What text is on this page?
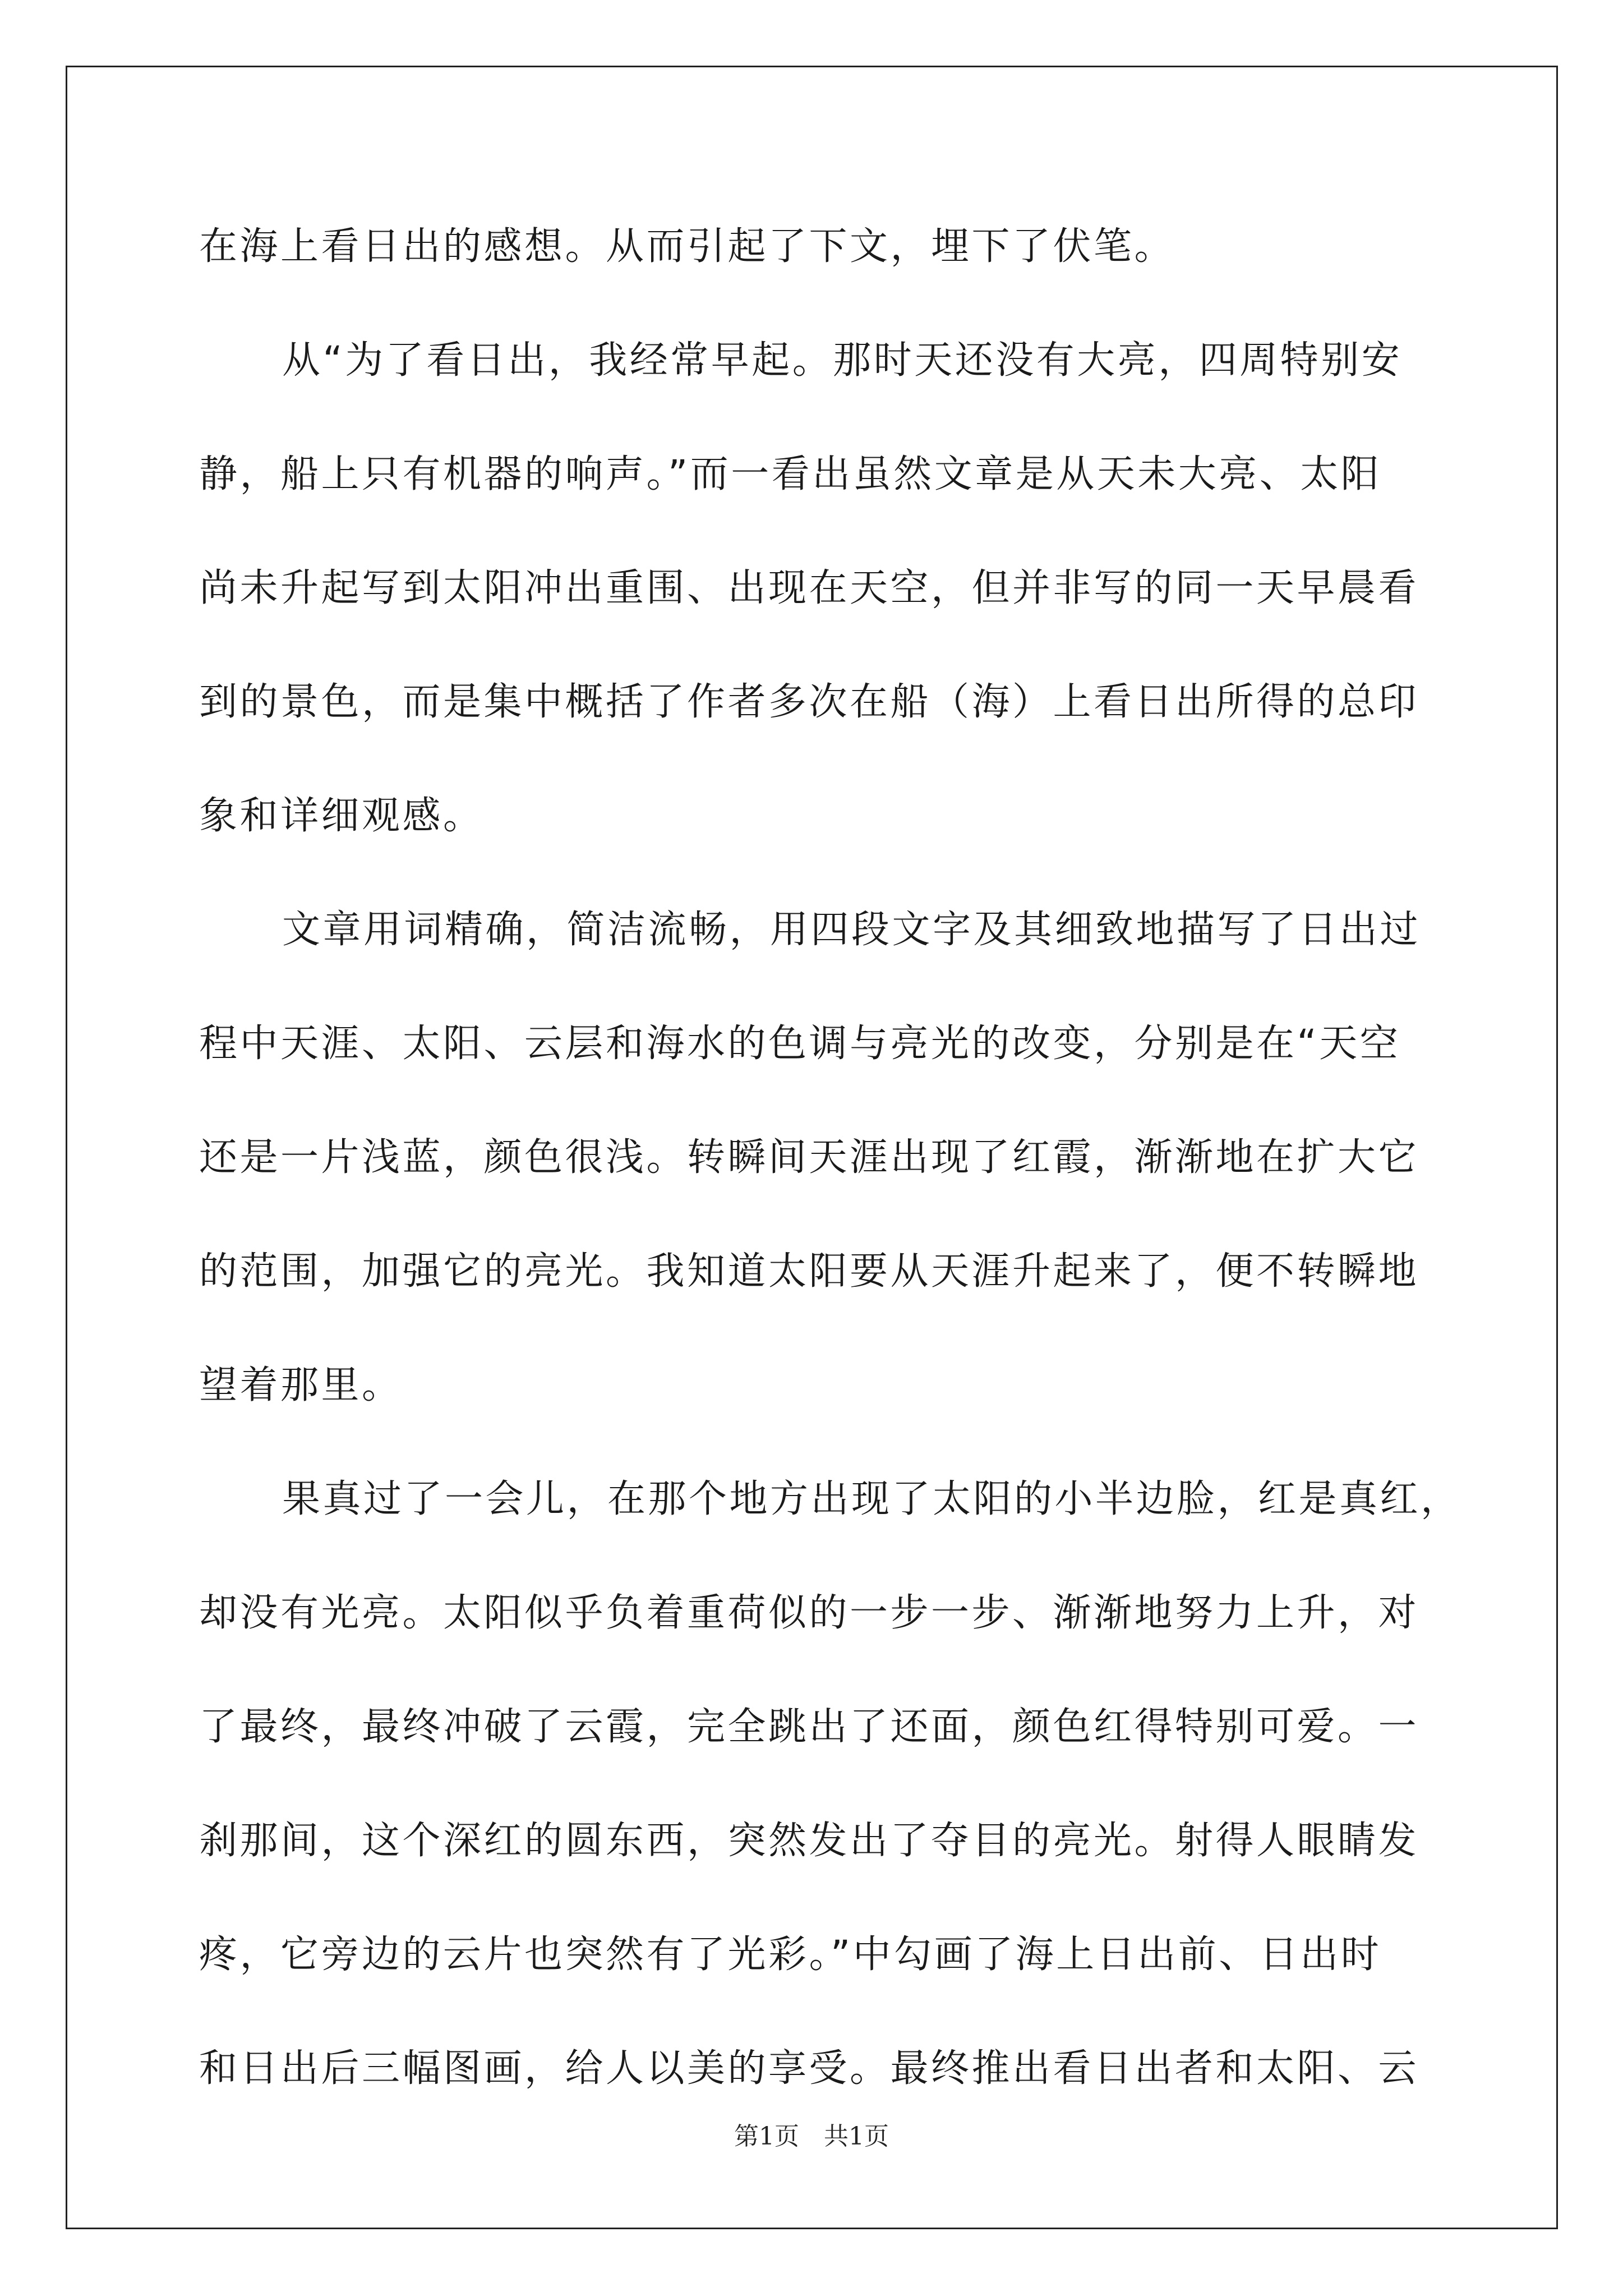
在海上看日出的感想。从而引起了下文，埋下了伏笔。
从“为了看日出，我经常早起。那时天还没有大亮，四周特别安
静，船上只有机器的响声。”而一看出虽然文章是从天未大亮、太阳
尚未升起写到太阳冲出重围、出现在天空，但并非写的同一天早晨看
到的景色，而是集中概括了作者多次在船（海）上看日出所得的总印
象和详细观感。
文章用词精确，简洁流畅，用四段文字及其细致地描写了日出过
程中天涯、太阳、云层和海水的色调与亮光的改变，分别是在“天空
还是一片浅蓝，颜色很浅。转瞬间天涯出现了红霞，渐渐地在扩大它
的范围，加强它的亮光。我知道太阳要从天涯升起来了，便不转瞬地
望着那里。
果真过了一会儿，在那个地方出现了太阳的小半边脸，红是真红，
却没有光亮。太阳似乎负着重荷似的一步一步、渐渐地努力上升，对
了最终，最终冲破了云霞，完全跳出了还面，颜色红得特别可爱。一
刹那间，这个深红的圆东西，突然发出了夺目的亮光。射得人眼睛发
疼，它旁边的云片也突然有了光彩。”中勾画了海上日出前、日出时
和日出后三幅图画，给人以美的享受。最终推出看日出者和太阳、云
第1页　共1页
